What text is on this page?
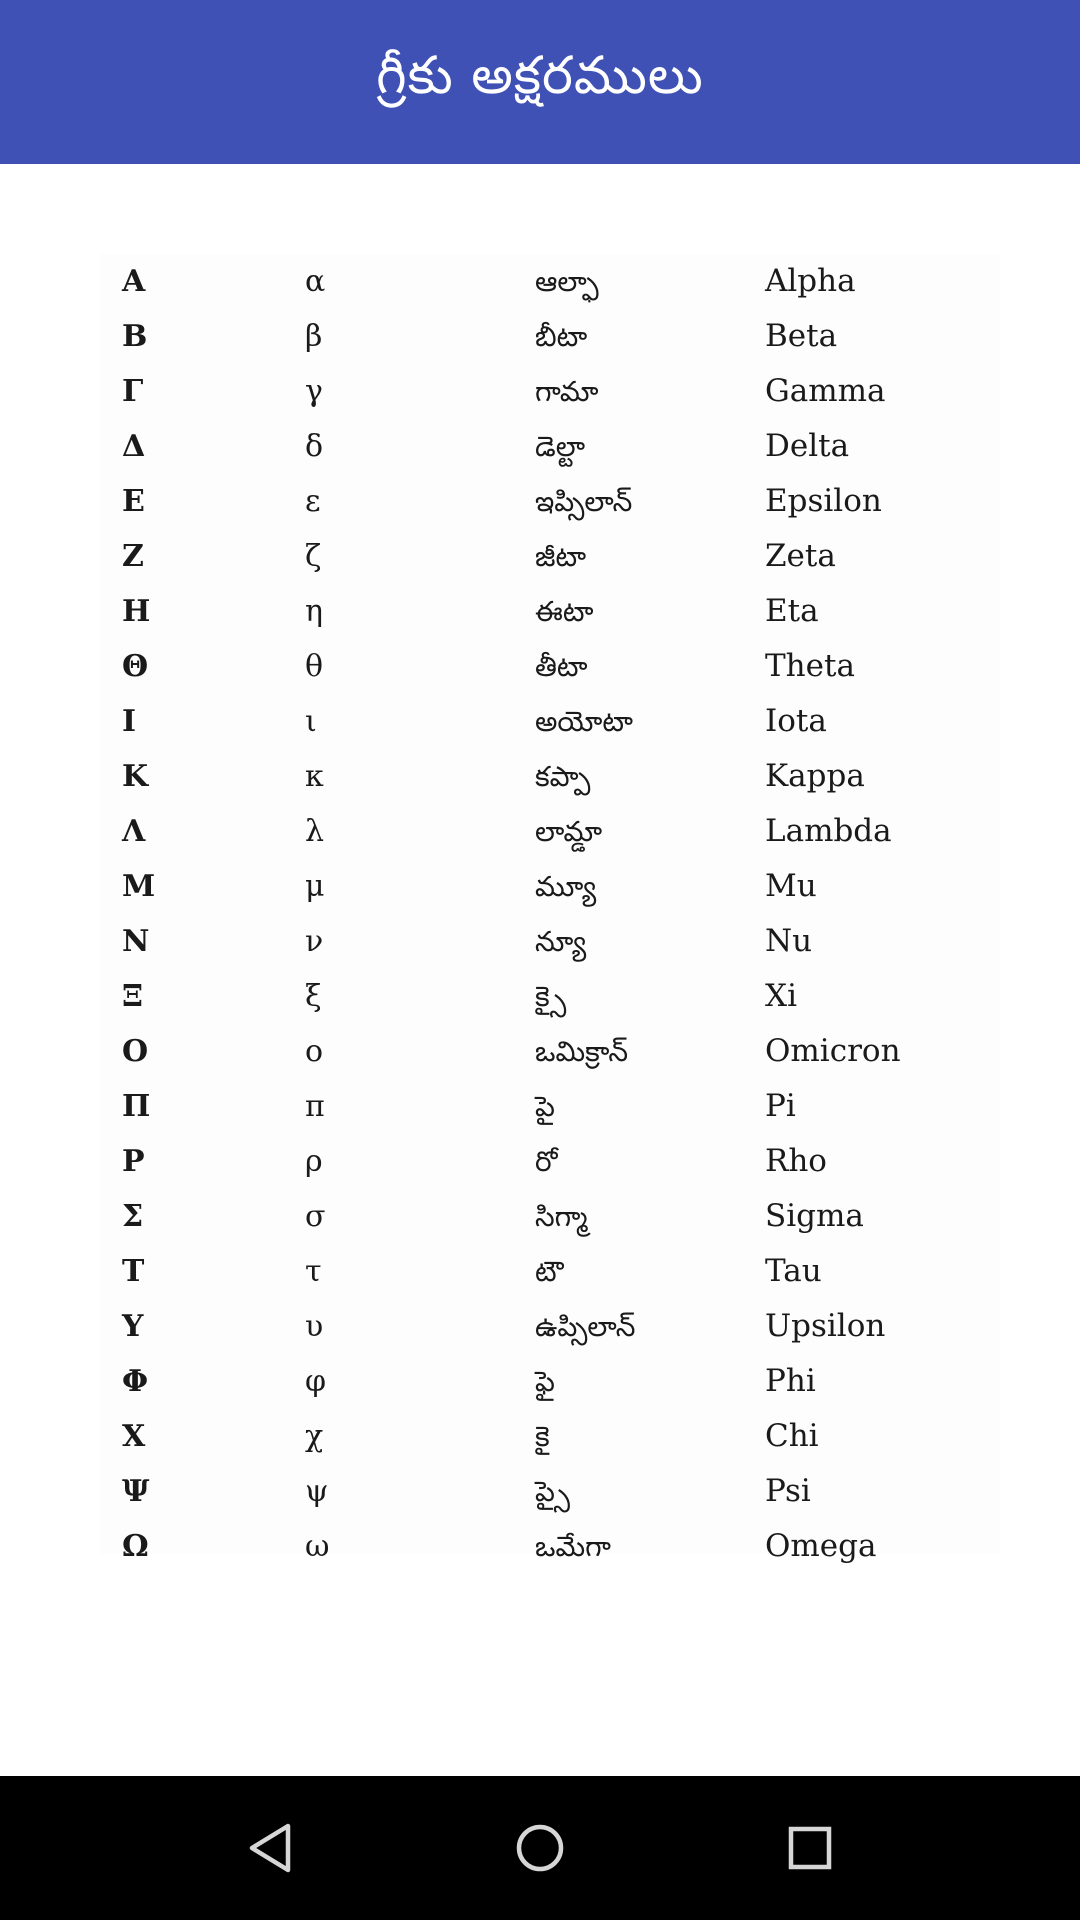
గ్రీకు అక్షరములు
Α	α	ఆల్ఫా	Alpha
Β	β	బీటా	Beta
Γ	γ	గామా	Gamma
Δ	δ	డెల్టా	Delta
Ε	ε	ఇప్సిలాన్	Epsilon
Ζ	ζ	జీటా	Zeta
Η	η	ఈటా	Eta
Θ	θ	తీటా	Theta
Ι	ι	అయోటా	Iota
Κ	κ	కప్పా	Kappa
Λ	λ	లామ్డా	Lambda
Μ	μ	మ్యూ	Mu
Ν	ν	న్యూ	Nu
Ξ	ξ	క్సై	Xi
Ο	ο	ఒమిక్రాన్	Omicron
Π	π	పై	Pi
Ρ	ρ	రో	Rho
Σ	σ	సిగ్మా	Sigma
Τ	τ	టౌ	Tau
Υ	υ	ఉప్సిలాన్	Upsilon
Φ	φ	ఫై	Phi
Χ	χ	కై	Chi
Ψ	ψ	ప్సై	Psi
Ω	ω	ఒమేగా	Omega
